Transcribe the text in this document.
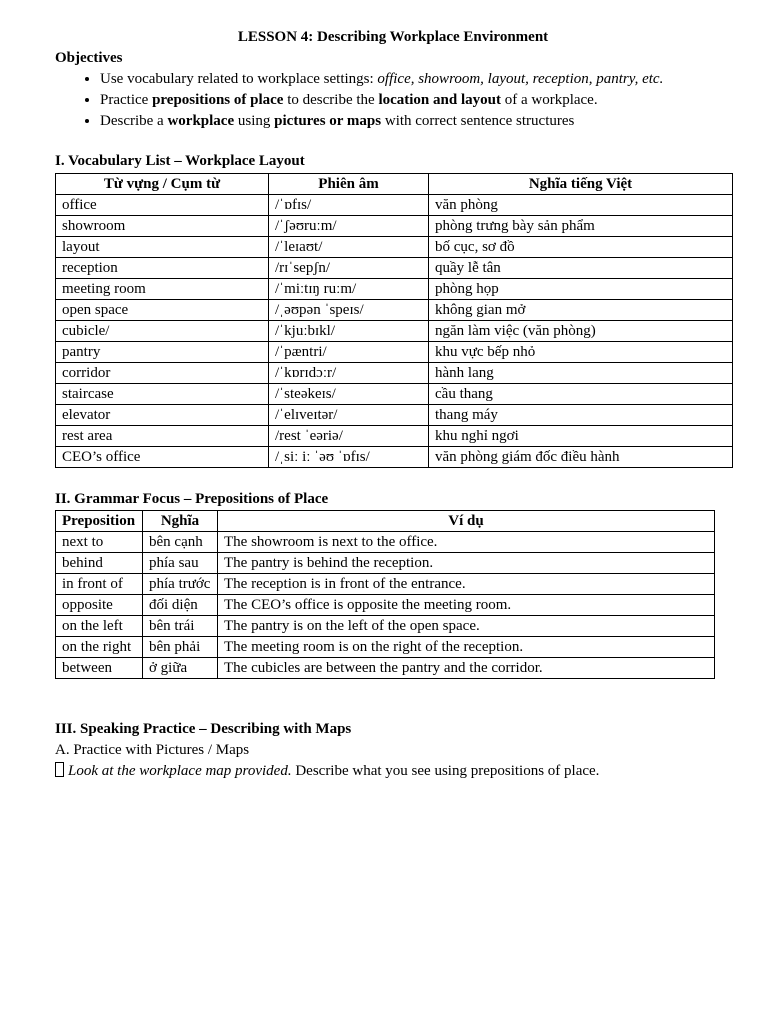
LESSON 4: Describing Workplace Environment
Objectives
• Use vocabulary related to workplace settings: office, showroom, layout, reception, pantry, etc.
• Practice prepositions of place to describe the location and layout of a workplace.
• Describe a workplace using pictures or maps with correct sentence structures
I. Vocabulary List – Workplace Layout
Từ vựng / Cụm từ	Phiên âm	Nghĩa tiếng Việt
office	/ˈɒfɪs/	văn phòng
showroom	/ˈʃəʊruːm/	phòng trưng bày sản phẩm
layout	/ˈleɪaʊt/	bố cục, sơ đồ
reception	/rɪˈsepʃn/	quầy lễ tân
meeting room	/ˈmiːtɪŋ ruːm/	phòng họp
open space	/ˌəʊpən ˈspeɪs/	không gian mở
cubicle/	/ˈkjuːbɪkl/	ngăn làm việc (văn phòng)
pantry	/ˈpæntri/	khu vực bếp nhỏ
corridor	/ˈkɒrɪdɔːr/	hành lang
staircase	/ˈsteəkeɪs/	cầu thang
elevator	/ˈelɪveɪtər/	thang máy
rest area	/rest ˈeəriə/	khu nghỉ ngơi
CEO’s office	/ˌsiː iː ˈəʊ ˈɒfɪs/	văn phòng giám đốc điều hành
II. Grammar Focus – Prepositions of Place
Preposition	Nghĩa	Ví dụ
next to	bên cạnh	The showroom is next to the office.
behind	phía sau	The pantry is behind the reception.
in front of	phía trước	The reception is in front of the entrance.
opposite	đối diện	The CEO’s office is opposite the meeting room.
on the left	bên trái	The pantry is on the left of the open space.
on the right	bên phải	The meeting room is on the right of the reception.
between	ở giữa	The cubicles are between the pantry and the corridor.
III. Speaking Practice – Describing with Maps
A. Practice with Pictures / Maps
Look at the workplace map provided. Describe what you see using prepositions of place.
